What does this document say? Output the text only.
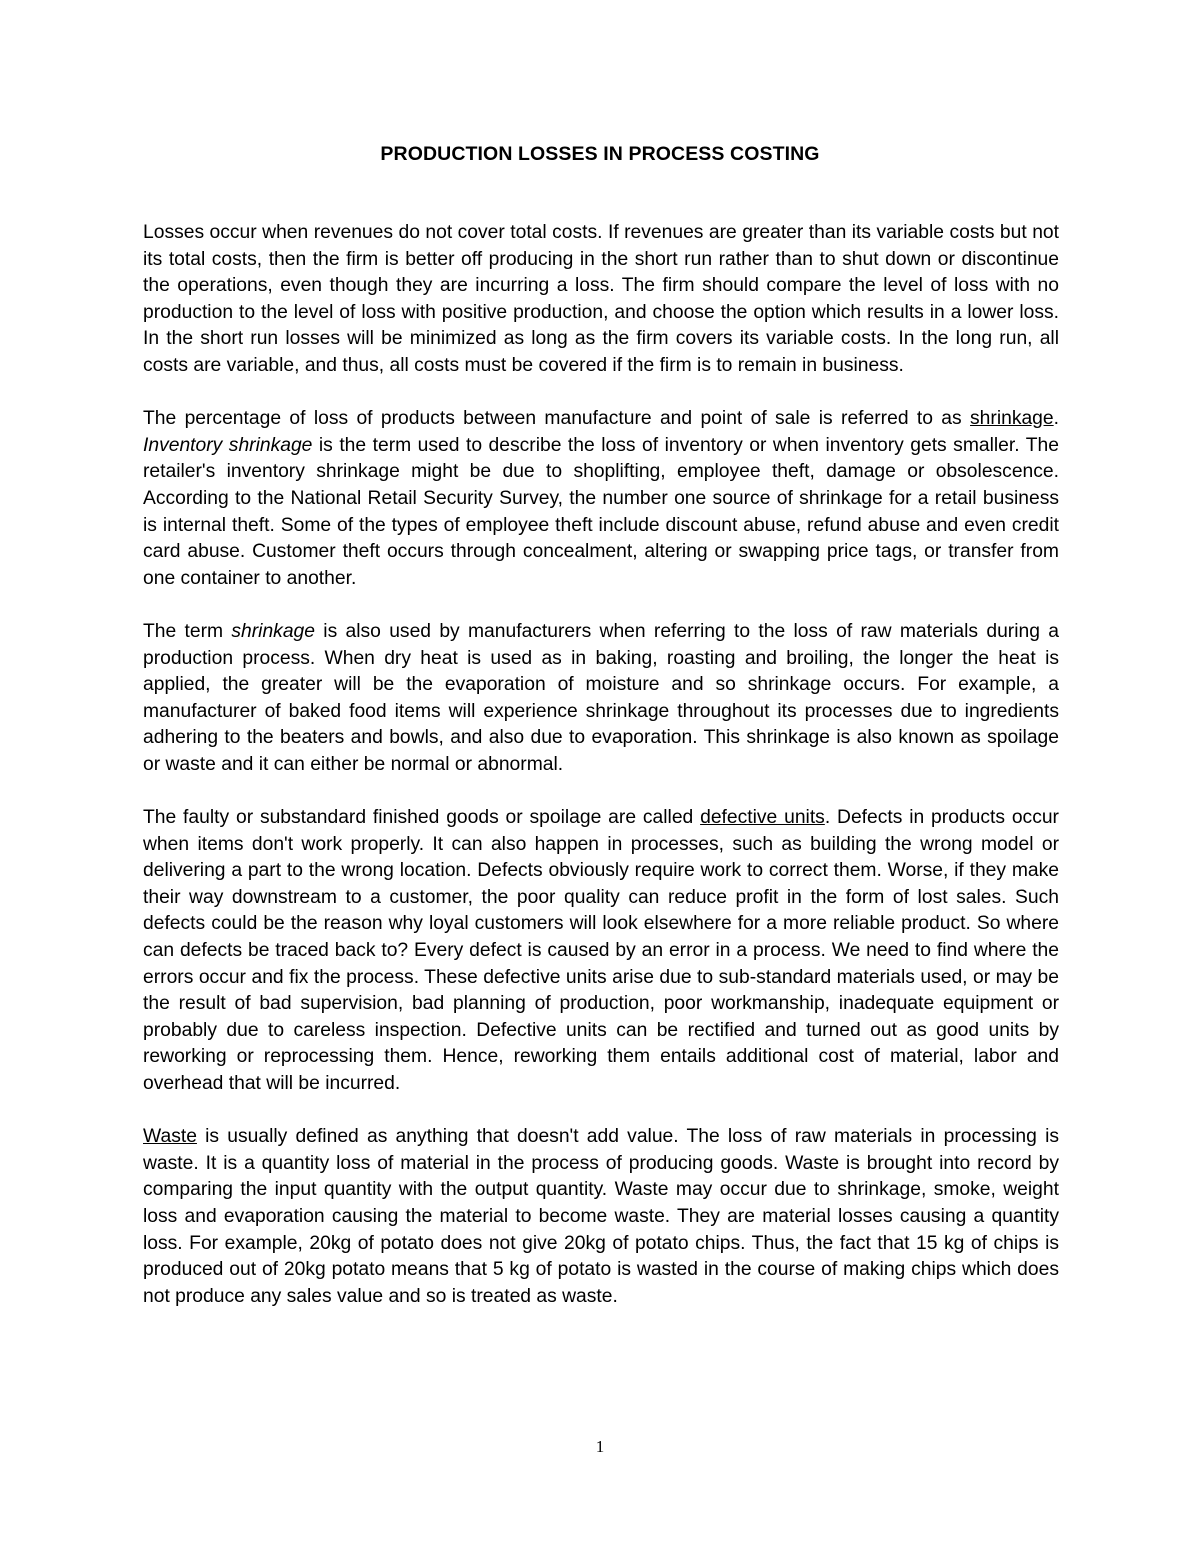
PRODUCTION LOSSES IN PROCESS COSTING

Losses occur when revenues do not cover total costs. If revenues are greater than its variable costs but not its total costs, then the firm is better off producing in the short run rather than to shut down or discontinue the operations, even though they are incurring a loss. The firm should compare the level of loss with no production to the level of loss with positive production, and choose the option which results in a lower loss. In the short run losses will be minimized as long as the firm covers its variable costs. In the long run, all costs are variable, and thus, all costs must be covered if the firm is to remain in business.

The percentage of loss of products between manufacture and point of sale is referred to as shrinkage. Inventory shrinkage is the term used to describe the loss of inventory or when inventory gets smaller. The retailer's inventory shrinkage might be due to shoplifting, employee theft, damage or obsolescence. According to the National Retail Security Survey, the number one source of shrinkage for a retail business is internal theft. Some of the types of employee theft include discount abuse, refund abuse and even credit card abuse. Customer theft occurs through concealment, altering or swapping price tags, or transfer from one container to another.

The term shrinkage is also used by manufacturers when referring to the loss of raw materials during a production process. When dry heat is used as in baking, roasting and broiling, the longer the heat is applied, the greater will be the evaporation of moisture and so shrinkage occurs. For example, a manufacturer of baked food items will experience shrinkage throughout its processes due to ingredients adhering to the beaters and bowls, and also due to evaporation. This shrinkage is also known as spoilage or waste and it can either be normal or abnormal.

The faulty or substandard finished goods or spoilage are called defective units. Defects in products occur when items don't work properly. It can also happen in processes, such as building the wrong model or delivering a part to the wrong location. Defects obviously require work to correct them. Worse, if they make their way downstream to a customer, the poor quality can reduce profit in the form of lost sales. Such defects could be the reason why loyal customers will look elsewhere for a more reliable product. So where can defects be traced back to? Every defect is caused by an error in a process. We need to find where the errors occur and fix the process. These defective units arise due to sub-standard materials used, or may be the result of bad supervision, bad planning of production, poor workmanship, inadequate equipment or probably due to careless inspection. Defective units can be rectified and turned out as good units by reworking or reprocessing them. Hence, reworking them entails additional cost of material, labor and overhead that will be incurred.

Waste is usually defined as anything that doesn't add value. The loss of raw materials in processing is waste. It is a quantity loss of material in the process of producing goods. Waste is brought into record by comparing the input quantity with the output quantity. Waste may occur due to shrinkage, smoke, weight loss and evaporation causing the material to become waste. They are material losses causing a quantity loss. For example, 20kg of potato does not give 20kg of potato chips. Thus, the fact that 15 kg of chips is produced out of 20kg potato means that 5 kg of potato is wasted in the course of making chips which does not produce any sales value and so is treated as waste.

1
